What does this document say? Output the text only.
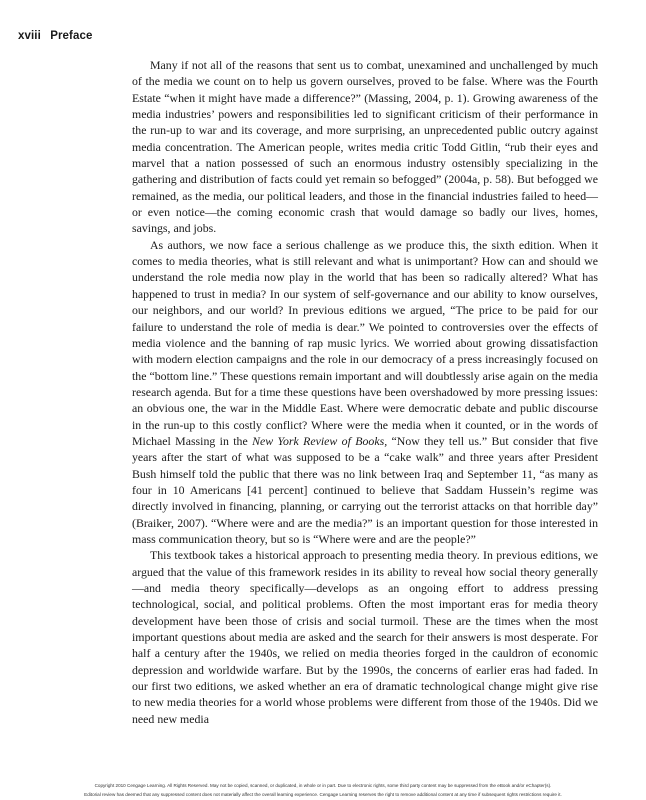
xviii Preface

Many if not all of the reasons that sent us to combat, unexamined and unchallenged by much of the media we count on to help us govern ourselves, proved to be false. Where was the Fourth Estate “when it might have made a difference?” (Massing, 2004, p. 1). Growing awareness of the media industries’ powers and responsibilities led to significant criticism of their performance in the run-up to war and its coverage, and more surprising, an unprecedented public outcry against media concentration. The American people, writes media critic Todd Gitlin, “rub their eyes and marvel that a nation possessed of such an enormous industry ostensibly specializing in the gathering and distribution of facts could yet remain so befogged” (2004a, p. 58). But befogged we remained, as the media, our political leaders, and those in the financial industries failed to heed—or even notice—the coming economic crash that would damage so badly our lives, homes, savings, and jobs.

As authors, we now face a serious challenge as we produce this, the sixth edition. When it comes to media theories, what is still relevant and what is unimportant? How can and should we understand the role media now play in the world that has been so radically altered? What has happened to trust in media? In our system of self-governance and our ability to know ourselves, our neighbors, and our world? In previous editions we argued, “The price to be paid for our failure to understand the role of media is dear.” We pointed to controversies over the effects of media violence and the banning of rap music lyrics. We worried about growing dissatisfaction with modern election campaigns and the role in our democracy of a press increasingly focused on the “bottom line.” These questions remain important and will doubtlessly arise again on the media research agenda. But for a time these questions have been overshadowed by more pressing issues: an obvious one, the war in the Middle East. Where were democratic debate and public discourse in the run-up to this costly conflict? Where were the media when it counted, or in the words of Michael Massing in the New York Review of Books, “Now they tell us.” But consider that five years after the start of what was supposed to be a “cake walk” and three years after President Bush himself told the public that there was no link between Iraq and September 11, “as many as four in 10 Americans [41 percent] continued to believe that Saddam Hussein’s regime was directly involved in financing, planning, or carrying out the terrorist attacks on that horrible day” (Braiker, 2007). “Where were and are the media?” is an important question for those interested in mass communication theory, but so is “Where were and are the people?”

This textbook takes a historical approach to presenting media theory. In previous editions, we argued that the value of this framework resides in its ability to reveal how social theory generally—and media theory specifically—develops as an ongoing effort to address pressing technological, social, and political problems. Often the most important eras for media theory development have been those of crisis and social turmoil. These are the times when the most important questions about media are asked and the search for their answers is most desperate. For half a century after the 1940s, we relied on media theories forged in the cauldron of economic depression and worldwide warfare. But by the 1990s, the concerns of earlier eras had faded. In our first two editions, we asked whether an era of dramatic technological change might give rise to new media theories for a world whose problems were different from those of the 1940s. Did we need new media

Copyright 2010 Cengage Learning. All Rights Reserved. May not be copied, scanned, or duplicated, in whole or in part. Due to electronic rights, some third party content may be suppressed from the eBook and/or eChapter(s).
Editorial review has deemed that any suppressed content does not materially affect the overall learning experience. Cengage Learning reserves the right to remove additional content at any time if subsequent rights restrictions require it.
